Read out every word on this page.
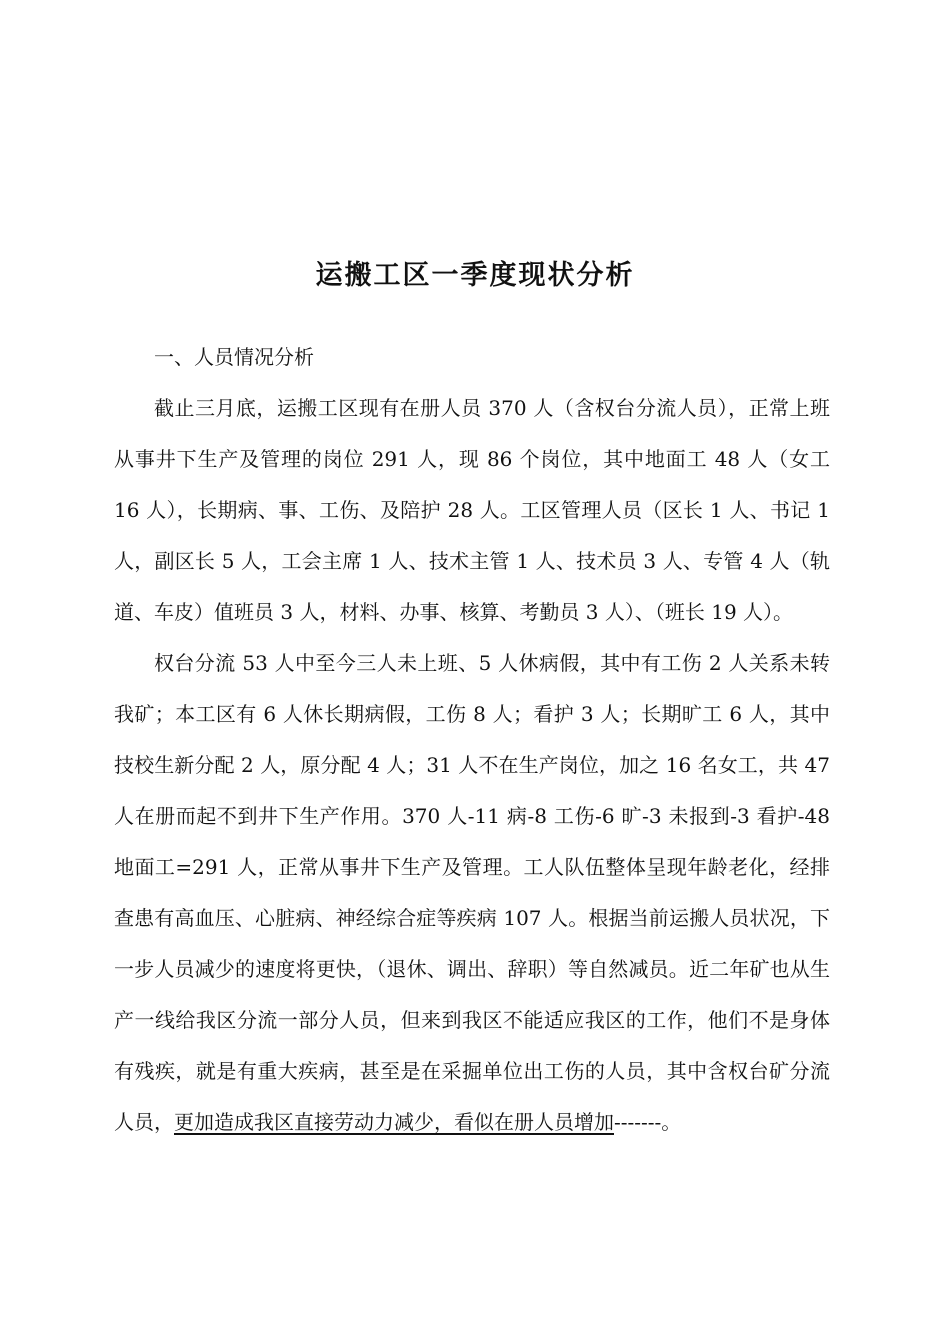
运搬工区一季度现状分析

一、人员情况分析

截止三月底，运搬工区现有在册人员 370 人（含权台分流人员），正常上班从事井下生产及管理的岗位 291 人，现 86 个岗位，其中地面工 48 人（女工 16 人），长期病、事、工伤、及陪护 28 人。工区管理人员（区长 1 人、书记 1 人，副区长 5 人，工会主席 1 人、技术主管 1 人、技术员 3 人、专管 4 人（轨道、车皮）值班员 3 人，材料、办事、核算、考勤员 3 人）、（班长 19 人）。

权台分流 53 人中至今三人未上班、5 人休病假，其中有工伤 2 人关系未转我矿；本工区有 6 人休长期病假，工伤 8 人；看护 3 人；长期旷工 6 人，其中技校生新分配 2 人，原分配 4 人；31 人不在生产岗位，加之 16 名女工，共 47 人在册而起不到井下生产作用。370 人-11 病-8 工伤-6 旷-3 未报到-3 看护-48 地面工=291 人，正常从事井下生产及管理。工人队伍整体呈现年龄老化，经排查患有高血压、心脏病、神经综合症等疾病 107 人。根据当前运搬人员状况，下一步人员减少的速度将更快，（退休、调出、辞职）等自然减员。近二年矿也从生产一线给我区分流一部分人员，但来到我区不能适应我区的工作，他们不是身体有残疾，就是有重大疾病，甚至是在采掘单位出工伤的人员，其中含权台矿分流人员，更加造成我区直接劳动力减少，看似在册人员增加-------。
